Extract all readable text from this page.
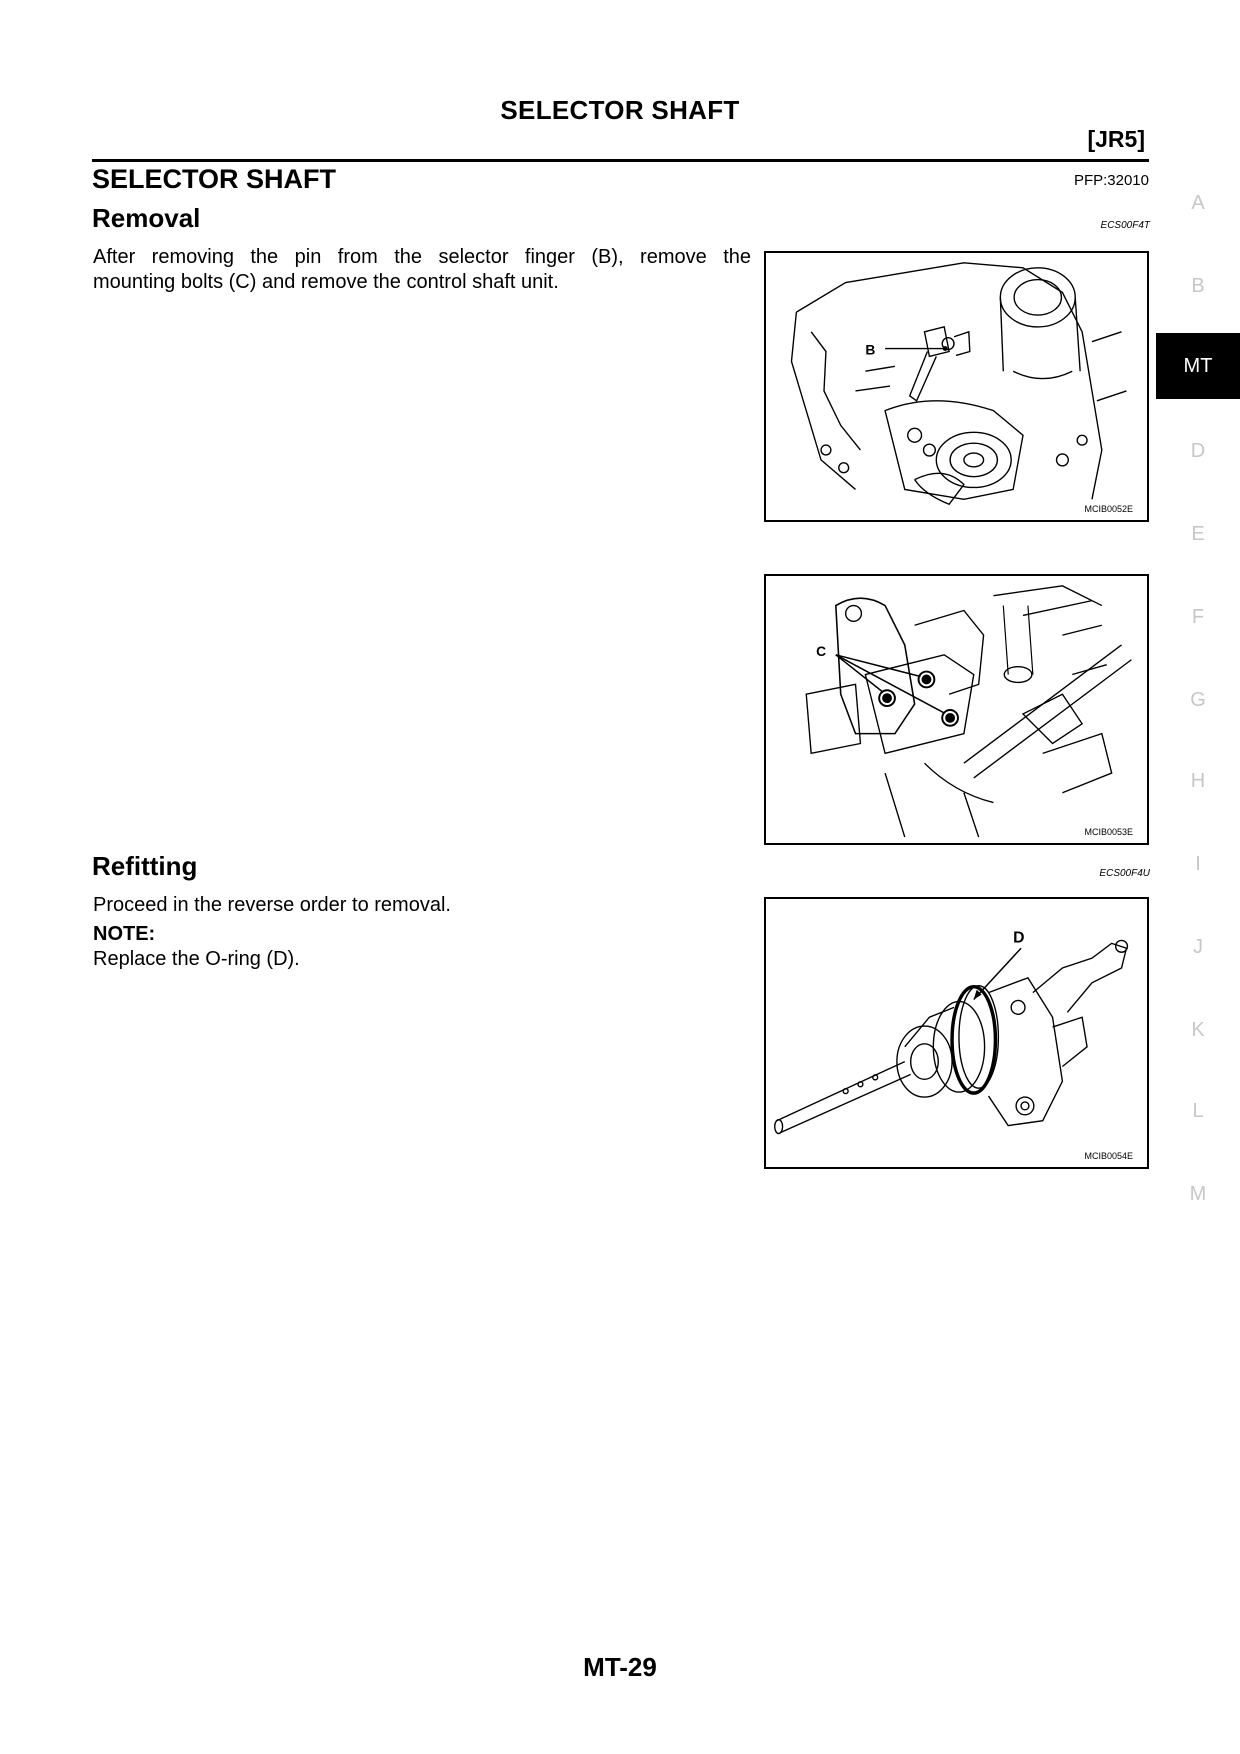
SELECTOR SHAFT
[JR5]
SELECTOR SHAFT	PFP:32010
Removal	ECS00F4T
After removing the pin from the selector finger (B), remove the
mounting bolts (C) and remove the control shaft unit.
B
MCIB0052E
C
MCIB0053E
Refitting	ECS00F4U
Proceed in the reverse order to removal.
NOTE:
Replace the O-ring (D).
D
MCIB0054E
A
B
MT
D
E
F
G
H
I
J
K
L
M
MT-29
